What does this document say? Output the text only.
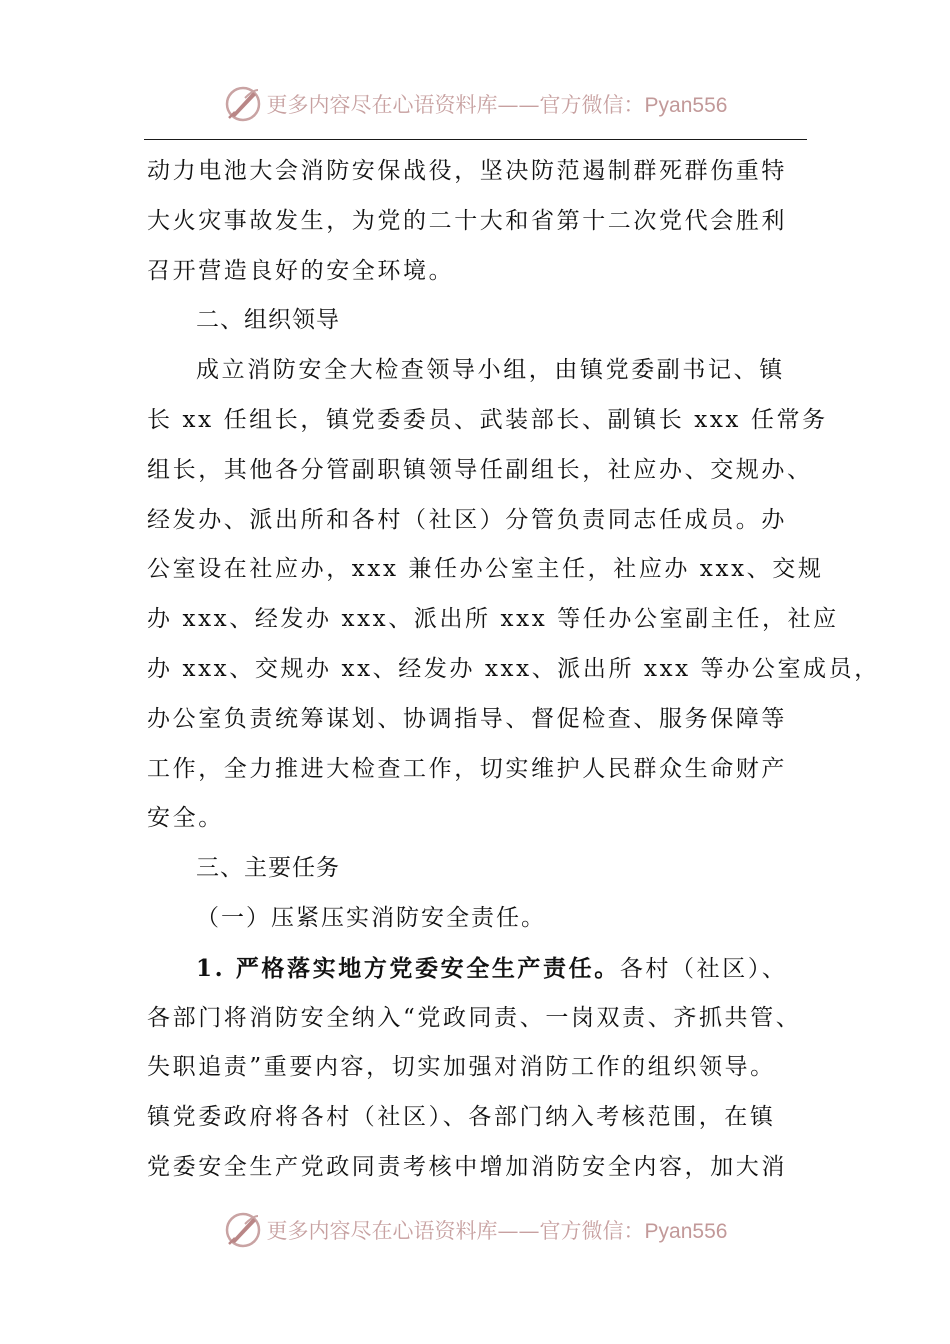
更多内容尽在心语资料库——官方微信：Pyan556
动力电池大会消防安保战役，坚决防范遏制群死群伤重特
大火灾事故发生，为党的二十大和省第十二次党代会胜利
召开营造良好的安全环境。
二、组织领导
成立消防安全大检查领导小组，由镇党委副书记、镇
长 xx 任组长，镇党委委员、武装部长、副镇长 xxx 任常务
组长，其他各分管副职镇领导任副组长，社应办、交规办、
经发办、派出所和各村（社区）分管负责同志任成员。办
公室设在社应办，xxx 兼任办公室主任，社应办 xxx、交规
办 xxx、经发办 xxx、派出所 xxx 等任办公室副主任，社应
办 xxx、交规办 xx、经发办 xxx、派出所 xxx 等办公室成员，
办公室负责统筹谋划、协调指导、督促检查、服务保障等
工作，全力推进大检查工作，切实维护人民群众生命财产
安全。
三、主要任务
（一）压紧压实消防安全责任。
1. 严格落实地方党委安全生产责任。各村（社区）、
各部门将消防安全纳入“党政同责、一岗双责、齐抓共管、
失职追责”重要内容，切实加强对消防工作的组织领导。
镇党委政府将各村（社区）、各部门纳入考核范围，在镇
党委安全生产党政同责考核中增加消防安全内容，加大消
更多内容尽在心语资料库——官方微信：Pyan556
